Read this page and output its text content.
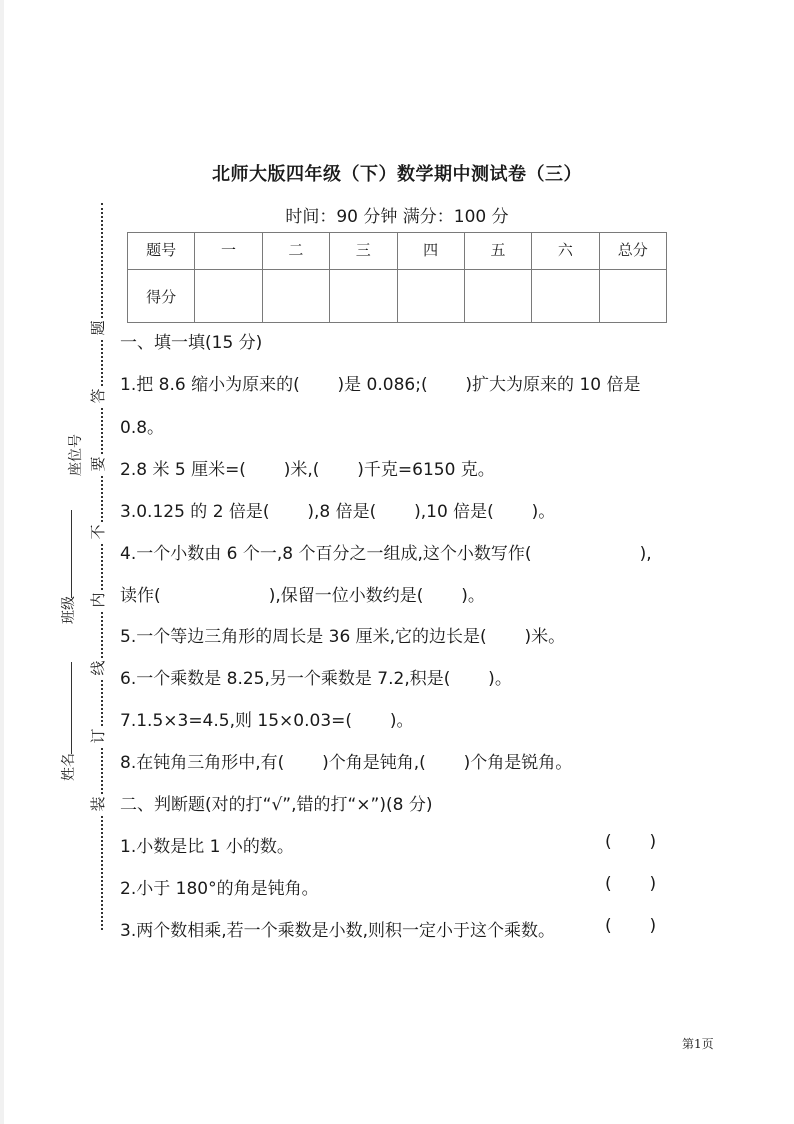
北师大版四年级（下）数学期中测试卷（三）
时间：90 分钟 满分：100 分
题号	一	二	三	四	五	六	总分
得分							
题
答
要
不
内
线
订
装
座位号
班级
姓名
一、填一填(15 分)
1.把 8.6 缩小为原来的(       )是 0.086;(       )扩大为原来的 10 倍是
0.8。
2.8 米 5 厘米=(       )米,(       )千克=6150 克。
3.0.125 的 2 倍是(       ),8 倍是(       ),10 倍是(       )。
4.一个小数由 6 个一,8 个百分之一组成,这个小数写作(                    ),
读作(                    ),保留一位小数约是(       )。
5.一个等边三角形的周长是 36 厘米,它的边长是(       )米。
6.一个乘数是 8.25,另一个乘数是 7.2,积是(       )。
7.1.5×3=4.5,则 15×0.03=(       )。
8.在钝角三角形中,有(       )个角是钝角,(       )个角是锐角。
二、判断题(对的打“√”,错的打“×”)(8 分)
1.小数是比 1 小的数。	(       )
2.小于 180°的角是钝角。	(       )
3.两个数相乘,若一个乘数是小数,则积一定小于这个乘数。	(       )
第1页
